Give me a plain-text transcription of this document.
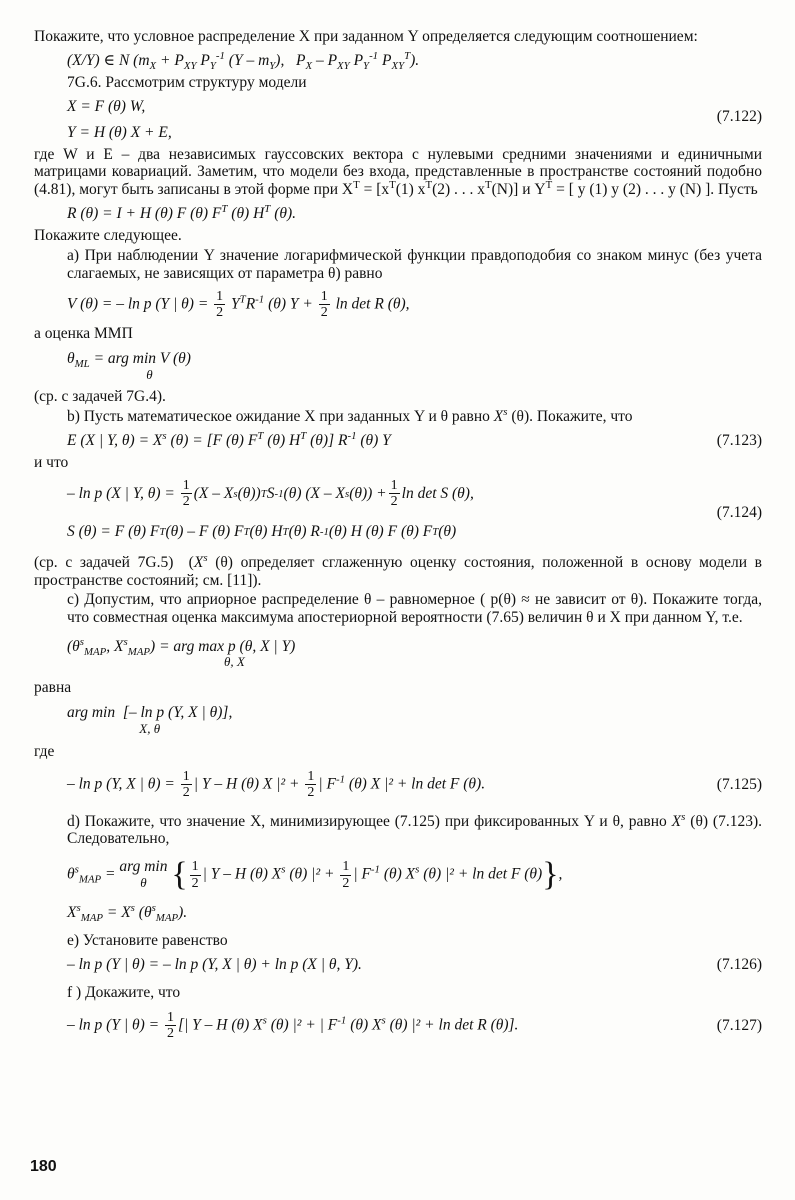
Покажите, что условное распределение X при заданном Y определяется следующим соотношением:

(X/Y) ∈ N ($m_X + P_{XY}$ $P_Y^{-1}$ $(Y - m_Y)$,   $P_X - P_{XY}$ $P_Y^{-1}$ $P_{XY}^T$).

7G.6. Рассмотрим структуру модели

X = F (θ) W,
Y = H (θ) X + E,
(7.122)

где W и E – два независимых гауссовских вектора с нулевыми средними значениями и единичными матрицами ковариаций. Заметим, что модели без входа, представленные в пространстве состояний подобно (4.81), могут быть записаны в этой форме при $X^T = [x^T(1)$ $x^T(2)$ . . . $x^T(N)$] и $Y^T$ = [ y (1) y (2) . . . y (N) ]. Пусть

R (θ) = I + H (θ) F (θ) $F^T$ (θ) $H^T$ (θ).

Покажите следующее.

а) При наблюдении Y значение логарифмической функции правдоподобия со знаком минус (без учета слагаемых, не зависящих от параметра θ) равно

V (θ) = – ln p (Y | $\theta) = \frac{1}{2} Y^TR^{-1}$ (θ) $Y + \frac{1}{2}$ ln det R (θ),

а оценка ММП

$\theta_{ML}$ = arg min V (θ)
θ

(ср. с задачей 7G.4).

b) Пусть математическое ожидание X при заданных Y и θ равно $X^s$ (θ). Покажите, что

E (X | Y, $\theta) = X^s$ (θ) = [F (θ) $F^T$ (θ) $H^T$ (θ)] $R^{-1}$ (θ) Y	(7.123)

и что

– ln p (X | Y, θ) =
$\frac{1}{2} (X$ – X s (θ)) T S -1 (θ) (X – X s $(\theta)) + \frac{1}{2}$ ln det S (θ),
S (θ) = F (θ) F T (θ) – F (θ) F T (θ) H T (θ) R -1 (θ) H (θ) F (θ) F T (θ)
(7.124)

(ср. с задачей 7G.5)  ($X^s$ (θ) определяет сглаженную оценку состояния, положенной в основу модели в пространстве состояний; см. [11]).

с) Допустим, что априорное распределение θ – равномерное ( p(θ) ≈ не зависит от θ). Покажите тогда, что совместная оценка максимума апостериорной вероятности (7.65) величин θ и X при данном Y, т.е.

($\theta^s_{MAP}$, $X^s_{MAP}$) = arg max p (θ, X | Y)
θ, X

равна

arg min  [– ln p (Y, X | θ)],
X, θ

где

– ln p (Y, X | $\theta) = \frac{1}{2}$ | Y – H (θ) X $|^2 + \frac{1}{2}$ | $F^{-1}$ (θ) X |² + ln det F (θ).	(7.125)

d) Покажите, что значение X, минимизирующее (7.125) при фиксированных Y и θ, равно $X^s$ (θ) (7.123). Следовательно,

$\theta^s_{MAP}$ = arg min
θ { $\frac{1}{2}$ | Y – H (θ) $X^s$ (θ) $|^2 + \frac{1}{2}$ | $F^{-1}$ (θ) $X^s$ (θ) |² + ln det F (θ)},
$X^s_{MAP} = X^s$ $(\theta^s_{MAP})$.

е) Установите равенство

– ln p (Y | θ) = – ln p (Y, X | θ) + ln p (X | θ, Y).	(7.126)

f ) Докажите, что

– ln p (Y | $\theta) = \frac{1}{2}$ [| Y – H (θ) $X^s$ (θ) |² + | $F^{-1}$ (θ) $X^s$ (θ) |² + ln det R (θ)].	(7.127)
180
